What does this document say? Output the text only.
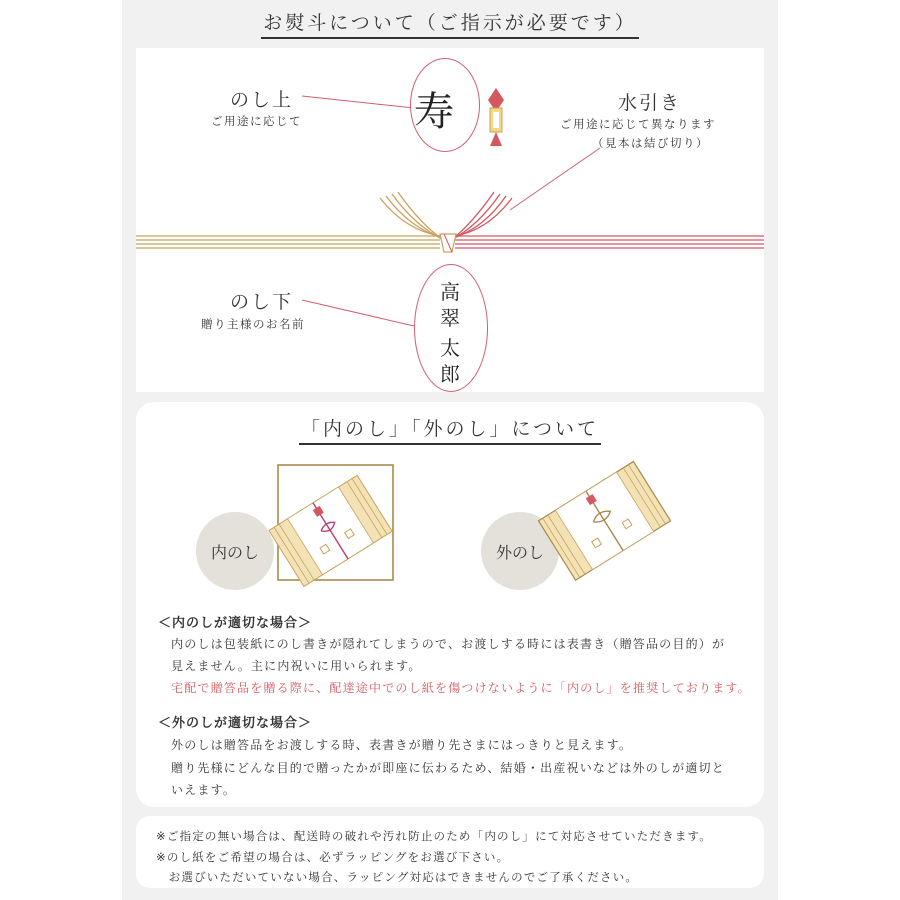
お熨斗について（ご指示が必要です）
寿
高
翠
太
郎
のし上
ご用途に応じて
水引き
ご用途に応じて異なります
（見本は結び切り）
のし下
贈り主様のお名前
「内のし」「外のし」について
内のし	外のし
＜内のしが適切な場合＞
内のしは包装紙にのし書きが隠れてしまうので、お渡しする時には表書き（贈答品の目的）が
見えません。主に内祝いに用いられます。
宅配で贈答品を贈る際に、配達途中でのし紙を傷つけないように「内のし」を推奨しております。
＜外のしが適切な場合＞
外のしは贈答品をお渡しする時、表書きが贈り先さまにはっきりと見えます。
贈り先様にどんな目的で贈ったかが即座に伝わるため、結婚・出産祝いなどは外のしが適切と
いえます。
※ご指定の無い場合は、配送時の破れや汚れ防止のため「内のし」にて対応させていただきます。
※のし紙をご希望の場合は、必ずラッピングをお選び下さい。
　お選びいただいていない場合、ラッピング対応はできませんのでご了承ください。
